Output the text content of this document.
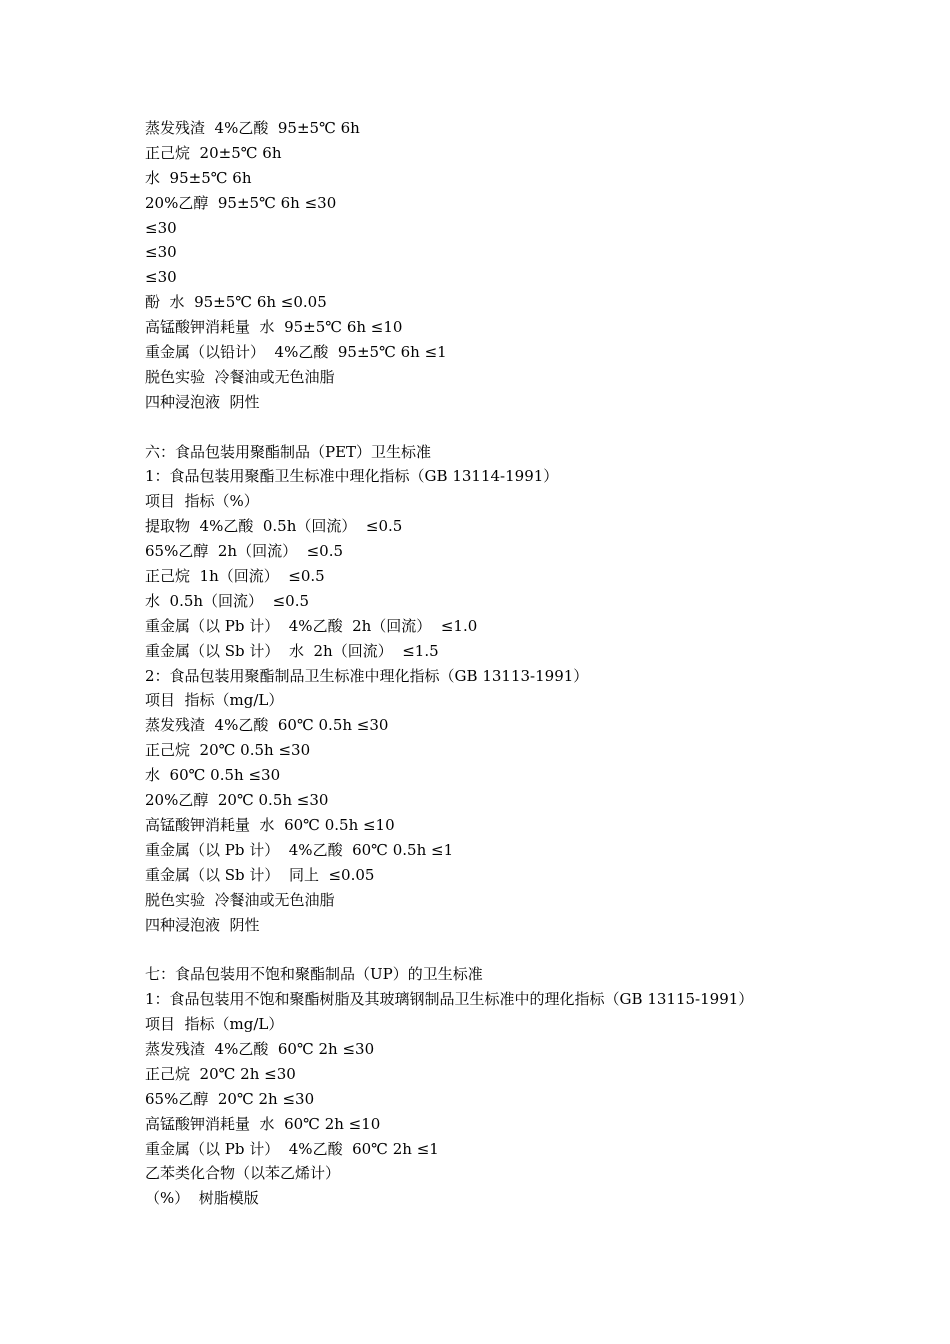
蒸发残渣  4%乙酸  95±5℃ 6h
正己烷  20±5℃ 6h
水  95±5℃ 6h
20%乙醇  95±5℃ 6h ≤30
≤30
≤30
≤30
酚  水  95±5℃ 6h ≤0.05
高锰酸钾消耗量  水  95±5℃ 6h ≤10
重金属（以铅计）  4%乙酸  95±5℃ 6h ≤1
脱色实验  冷餐油或无色油脂
四种浸泡液  阴性
六：食品包装用聚酯制品（PET）卫生标准
1：食品包装用聚酯卫生标准中理化指标（GB 13114-1991）
项目  指标（%）
提取物  4%乙酸  0.5h（回流）  ≤0.5
65%乙醇  2h（回流）  ≤0.5
正己烷  1h（回流）  ≤0.5
水  0.5h（回流）  ≤0.5
重金属（以 Pb 计）  4%乙酸  2h（回流）  ≤1.0
重金属（以 Sb 计）  水  2h（回流）  ≤1.5
2：食品包装用聚酯制品卫生标准中理化指标（GB 13113-1991）
项目  指标（mg/L）
蒸发残渣  4%乙酸  60℃ 0.5h ≤30
正己烷  20℃ 0.5h ≤30
水  60℃ 0.5h ≤30
20%乙醇  20℃ 0.5h ≤30
高锰酸钾消耗量  水  60℃ 0.5h ≤10
重金属（以 Pb 计）  4%乙酸  60℃ 0.5h ≤1
重金属（以 Sb 计）  同上  ≤0.05
脱色实验  冷餐油或无色油脂
四种浸泡液  阴性
七：食品包装用不饱和聚酯制品（UP）的卫生标准
1：食品包装用不饱和聚酯树脂及其玻璃钢制品卫生标准中的理化指标（GB 13115-1991）
项目  指标（mg/L）
蒸发残渣  4%乙酸  60℃ 2h ≤30
正己烷  20℃ 2h ≤30
65%乙醇  20℃ 2h ≤30
高锰酸钾消耗量  水  60℃ 2h ≤10
重金属（以 Pb 计）  4%乙酸  60℃ 2h ≤1
乙苯类化合物（以苯乙烯计）
（%）  树脂模版
